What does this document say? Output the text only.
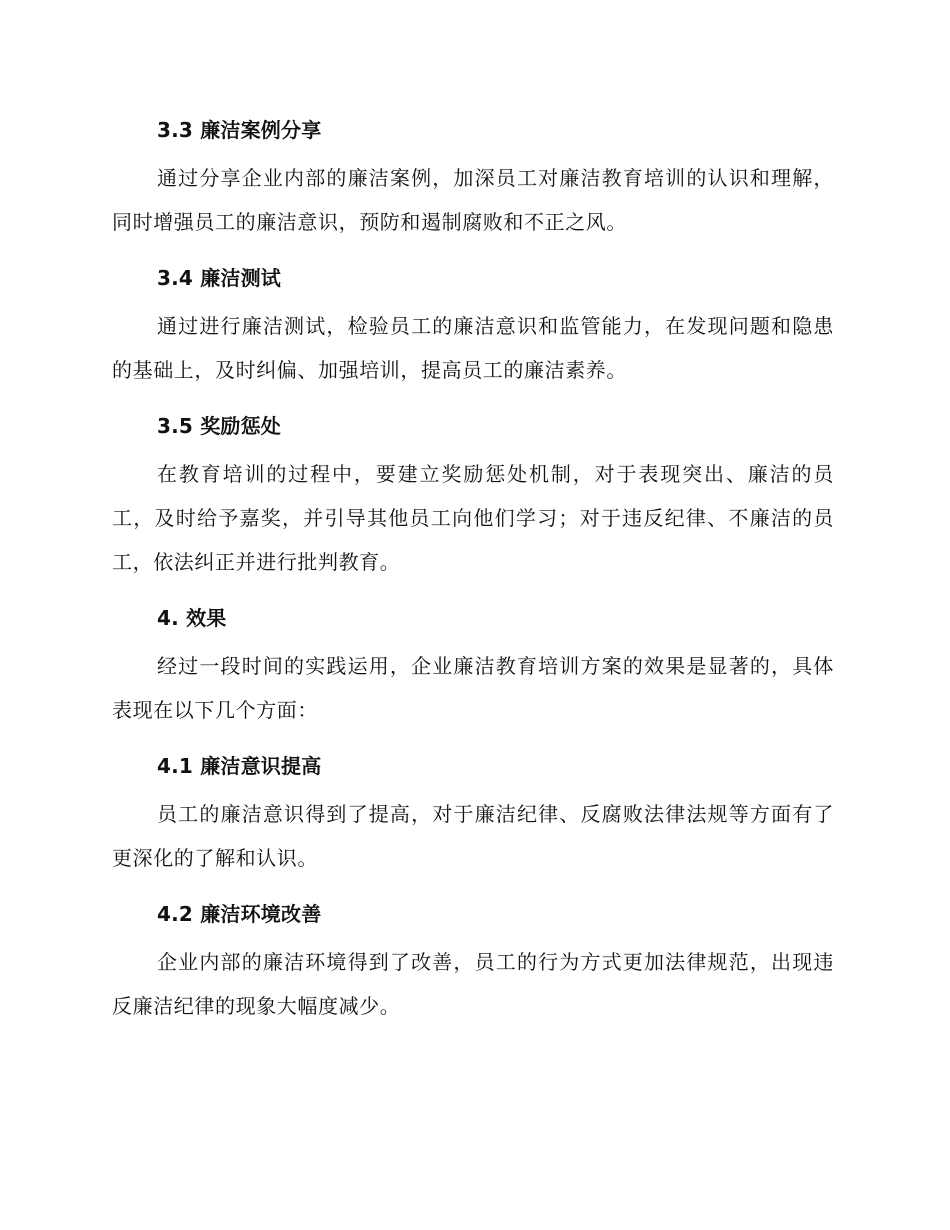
3.3 廉洁案例分享

通过分享企业内部的廉洁案例，加深员工对廉洁教育培训的认识和理解，同时增强员工的廉洁意识，预防和遏制腐败和不正之风。

3.4 廉洁测试

通过进行廉洁测试，检验员工的廉洁意识和监管能力，在发现问题和隐患的基础上，及时纠偏、加强培训，提高员工的廉洁素养。

3.5 奖励惩处

在教育培训的过程中，要建立奖励惩处机制，对于表现突出、廉洁的员工，及时给予嘉奖，并引导其他员工向他们学习；对于违反纪律、不廉洁的员工，依法纠正并进行批判教育。

4. 效果

经过一段时间的实践运用，企业廉洁教育培训方案的效果是显著的，具体表现在以下几个方面：

4.1 廉洁意识提高

员工的廉洁意识得到了提高，对于廉洁纪律、反腐败法律法规等方面有了更深化的了解和认识。

4.2 廉洁环境改善

企业内部的廉洁环境得到了改善，员工的行为方式更加法律规范，出现违反廉洁纪律的现象大幅度减少。
